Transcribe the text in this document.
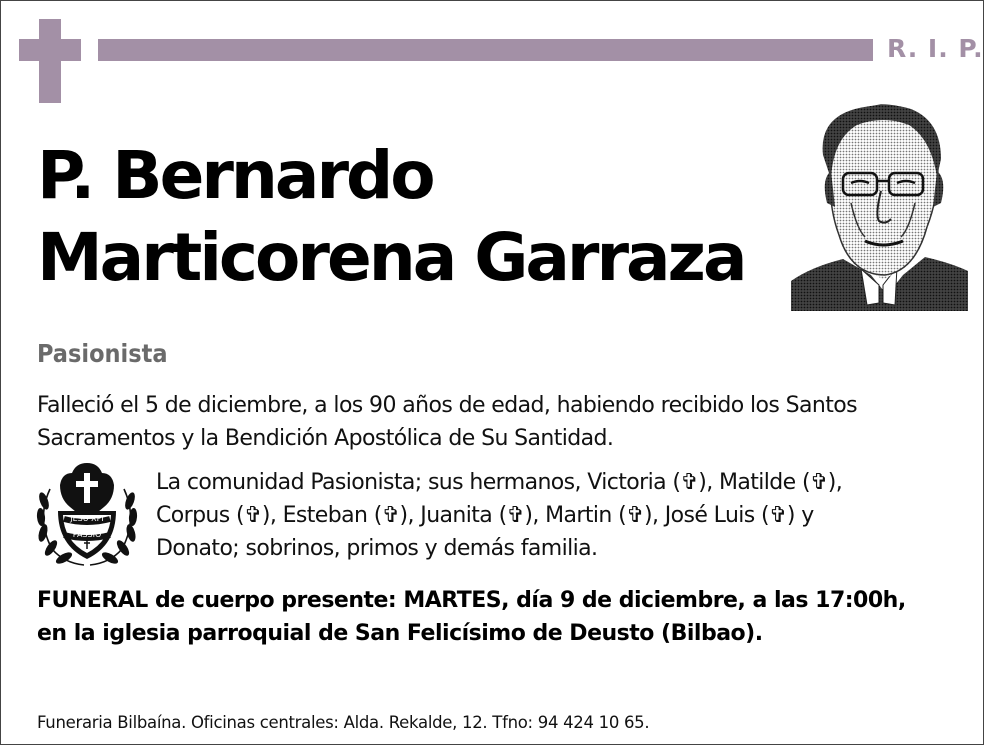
R. I. P.
P. Bernardo
Marticorena Garraza
Pasionista
Falleció el 5 de diciembre, a los 90 años de edad, habiendo recibido los Santos Sacramentos y la Bendición Apostólica de Su Santidad.
JESU XPI
PASSIO
La comunidad Pasionista; sus hermanos, Victoria (✞), Matilde (✞),
Corpus (✞), Esteban (✞), Juanita (✞), Martin (✞), José Luis (✞) y
Donato; sobrinos, primos y demás familia.
FUNERAL de cuerpo presente: MARTES, día 9 de diciembre, a las 17:00h,
en la iglesia parroquial de San Felicísimo de Deusto (Bilbao).
Funeraria Bilbaína. Oficinas centrales: Alda. Rekalde, 12. Tfno: 94 424 10 65.
